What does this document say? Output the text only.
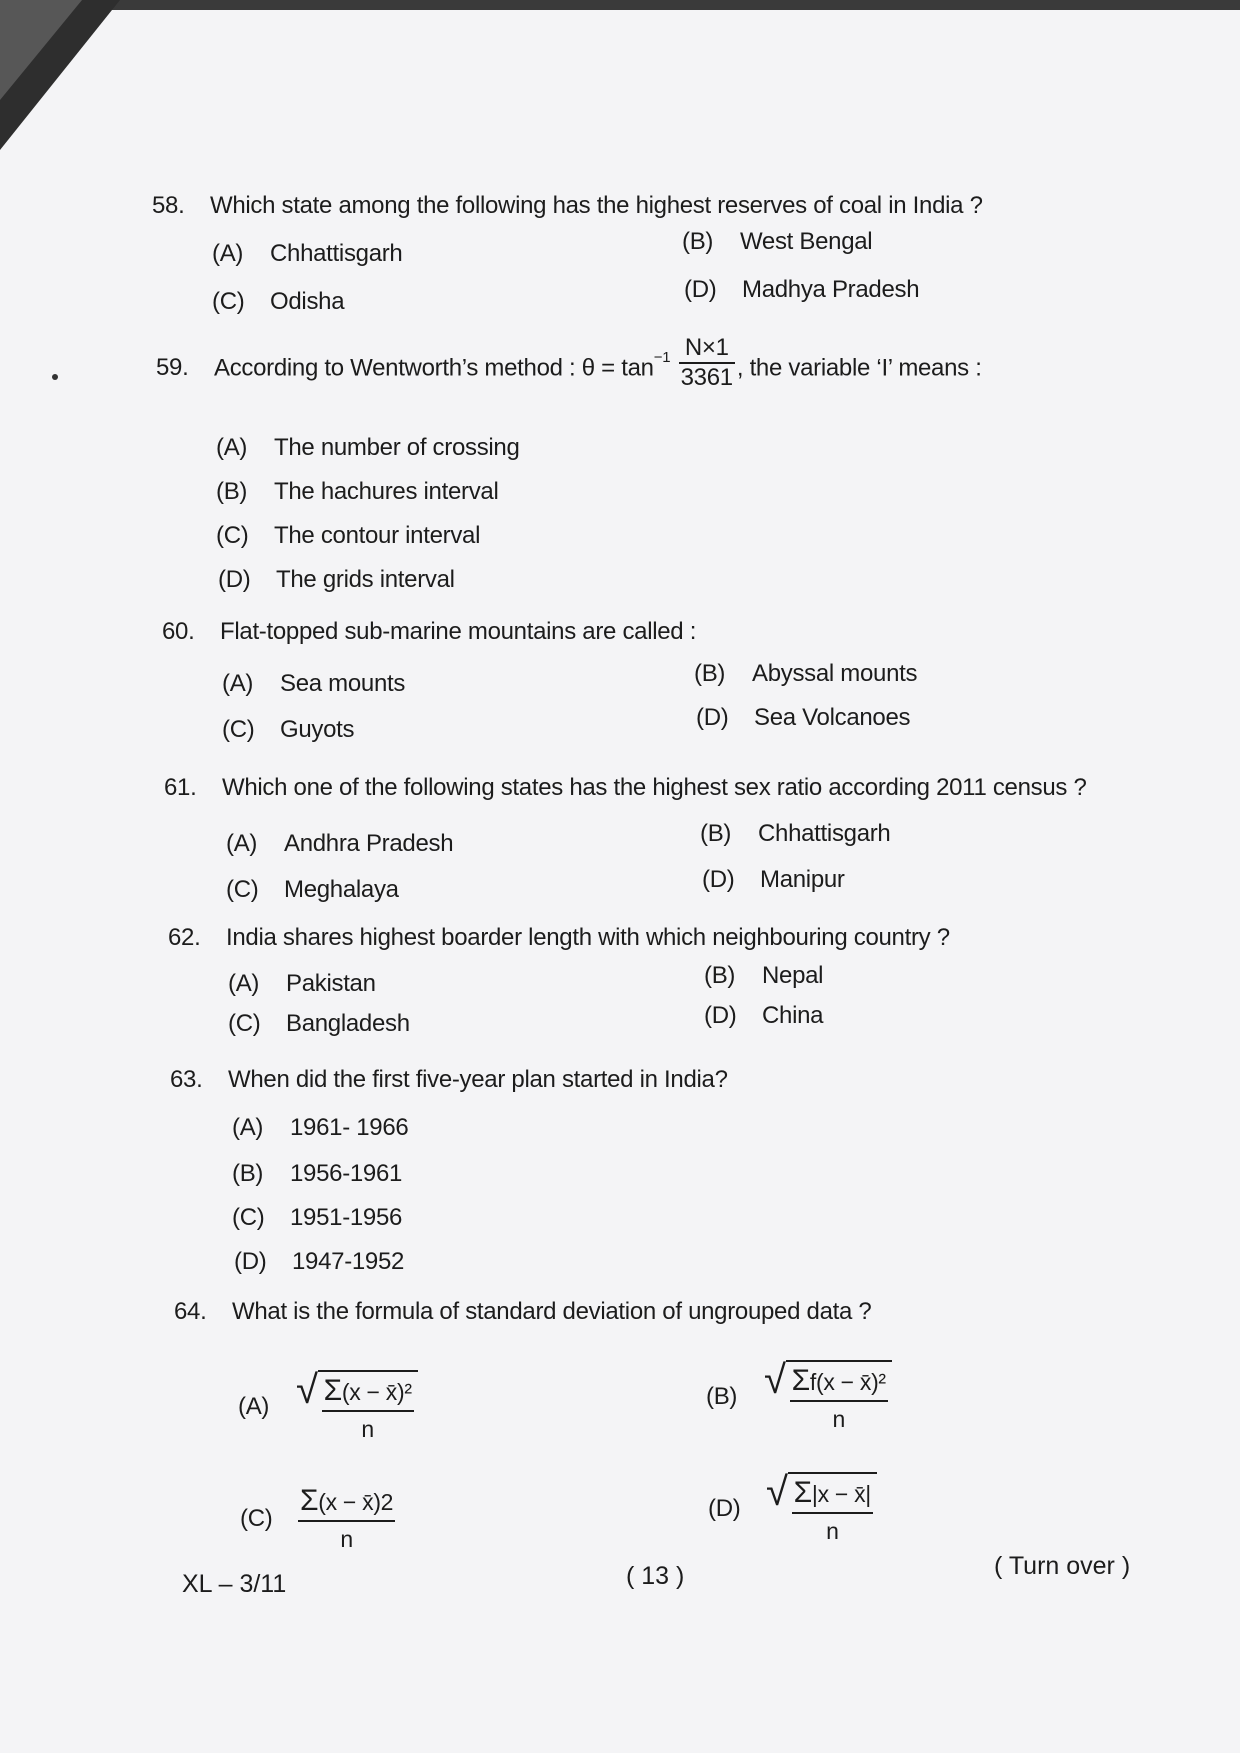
58. Which state among the following has the highest reserves of coal in India ?
(A) Chhattisgarh	(B) West Bengal
(C) Odisha	(D) Madhya Pradesh
59. According to Wentworth’s method : $\theta = \tan^{-1} \frac{N\times 1}{3361}$ , the variable ‘I’ means :
(A) The number of crossing
(B) The hachures interval
(C) The contour interval
(D) The grids interval
60. Flat-topped sub-marine mountains are called :
(A) Sea mounts	(B) Abyssal mounts
(C) Guyots	(D) Sea Volcanoes
61. Which one of the following states has the highest sex ratio according 2011 census ?
(A) Andhra Pradesh	(B) Chhattisgarh
(C) Meghalaya	(D) Manipur
62. India shares highest boarder length with which neighbouring country ?
(A) Pakistan	(B) Nepal
(C) Bangladesh	(D) China
63. When did the first five-year plan started in India?
(A) 1961- 1966
(B) 1956-1961
(C) 1951-1956
(D) 1947-1952
64. What is the formula of standard deviation of ungrouped data ?
(A) √ $\frac{\text{Σ(x − x̄)²}}{n}$	(B) √ $\frac{\text{Σf(x − x̄)²}}{n}$
(C)
Σ(x − x̄)2
n
(D) √ $\frac{\Sigma|x - x̄|}{n}$
XL – 3/11	( 13 )	( Turn over )
